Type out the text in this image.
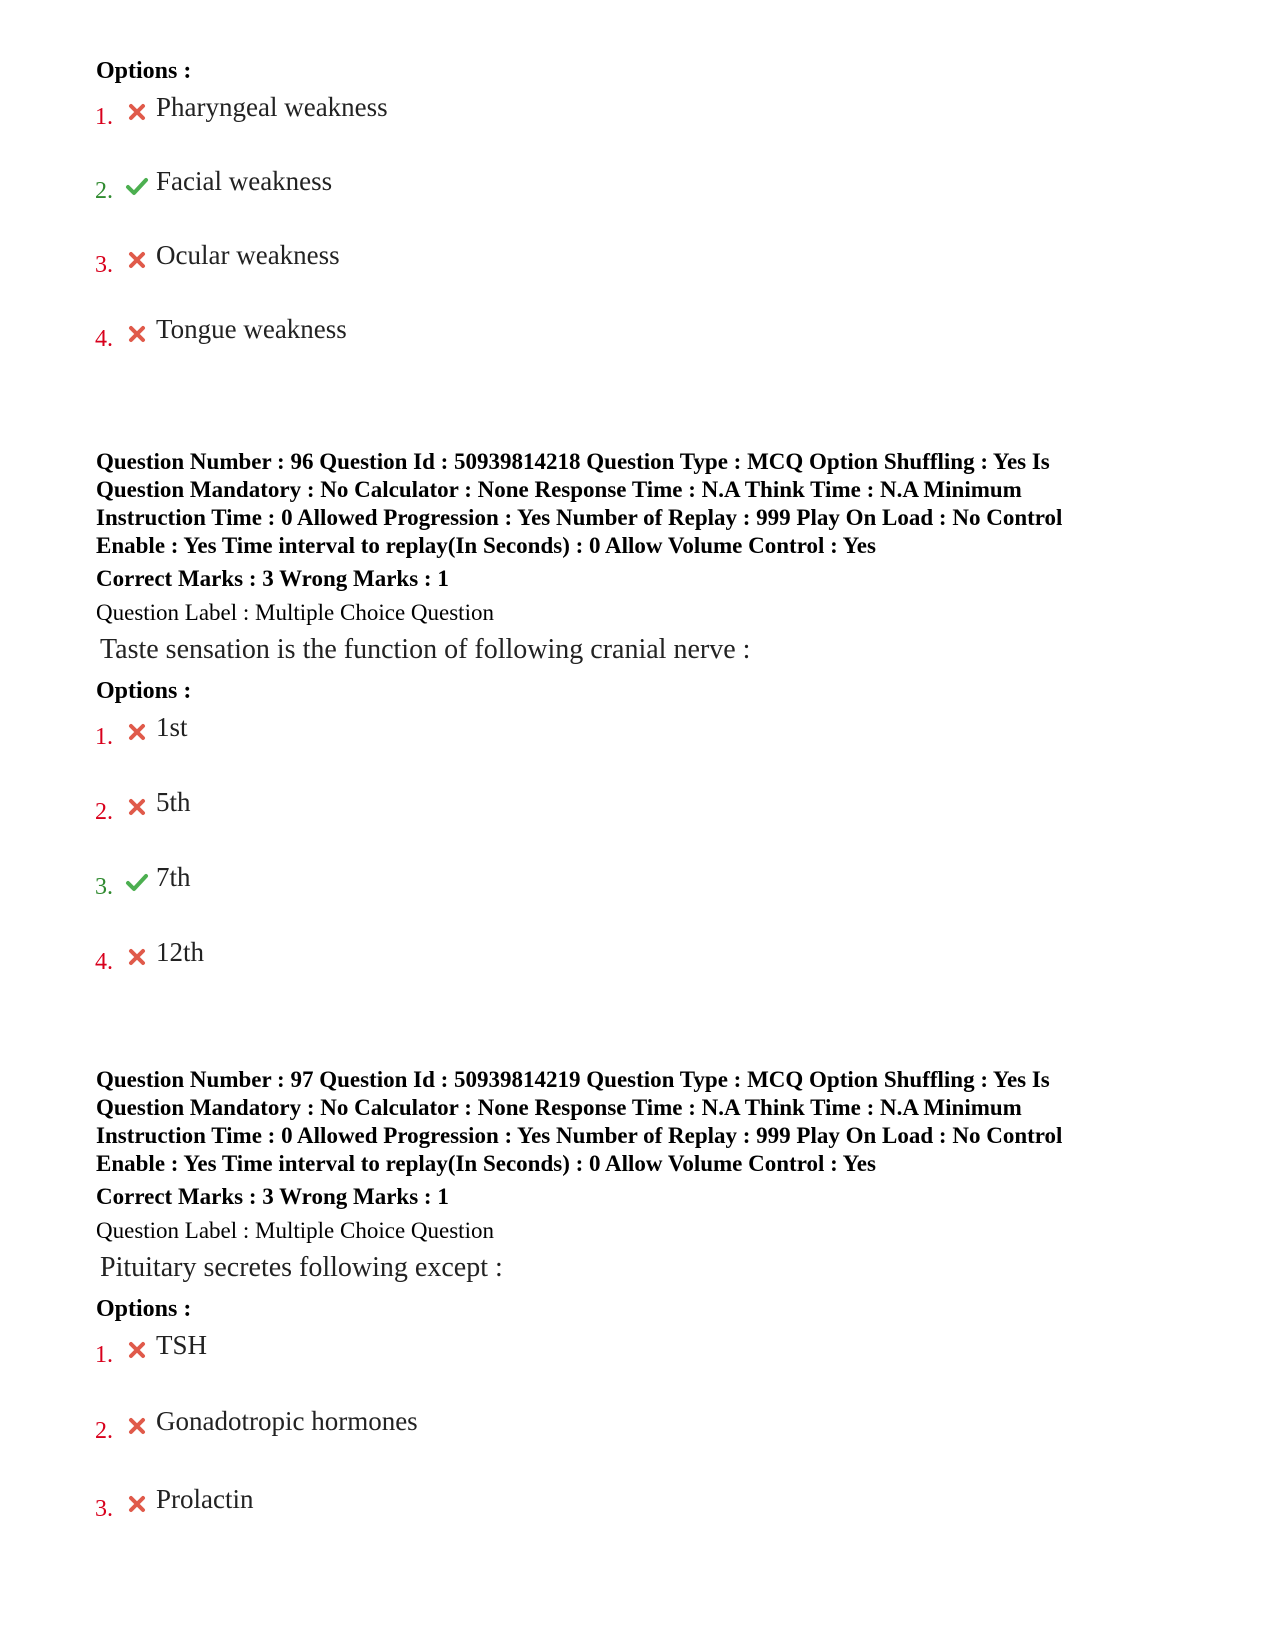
Options :
1. Pharyngeal weakness
2. Facial weakness
3. Ocular weakness
4. Tongue weakness
Question Number : 96 Question Id : 50939814218 Question Type : MCQ Option Shuffling : Yes Is
Question Mandatory : No Calculator : None Response Time : N.A Think Time : N.A Minimum
Instruction Time : 0 Allowed Progression : Yes Number of Replay : 999 Play On Load : No Control
Enable : Yes Time interval to replay(In Seconds) : 0 Allow Volume Control : Yes
Correct Marks : 3 Wrong Marks : 1
Question Label : Multiple Choice Question
Taste sensation is the function of following cranial nerve :
Options :
1. 1st
2. 5th
3. 7th
4. 12th
Question Number : 97 Question Id : 50939814219 Question Type : MCQ Option Shuffling : Yes Is
Question Mandatory : No Calculator : None Response Time : N.A Think Time : N.A Minimum
Instruction Time : 0 Allowed Progression : Yes Number of Replay : 999 Play On Load : No Control
Enable : Yes Time interval to replay(In Seconds) : 0 Allow Volume Control : Yes
Correct Marks : 3 Wrong Marks : 1
Question Label : Multiple Choice Question
Pituitary secretes following except :
Options :
1. TSH
2. Gonadotropic hormones
3. Prolactin
